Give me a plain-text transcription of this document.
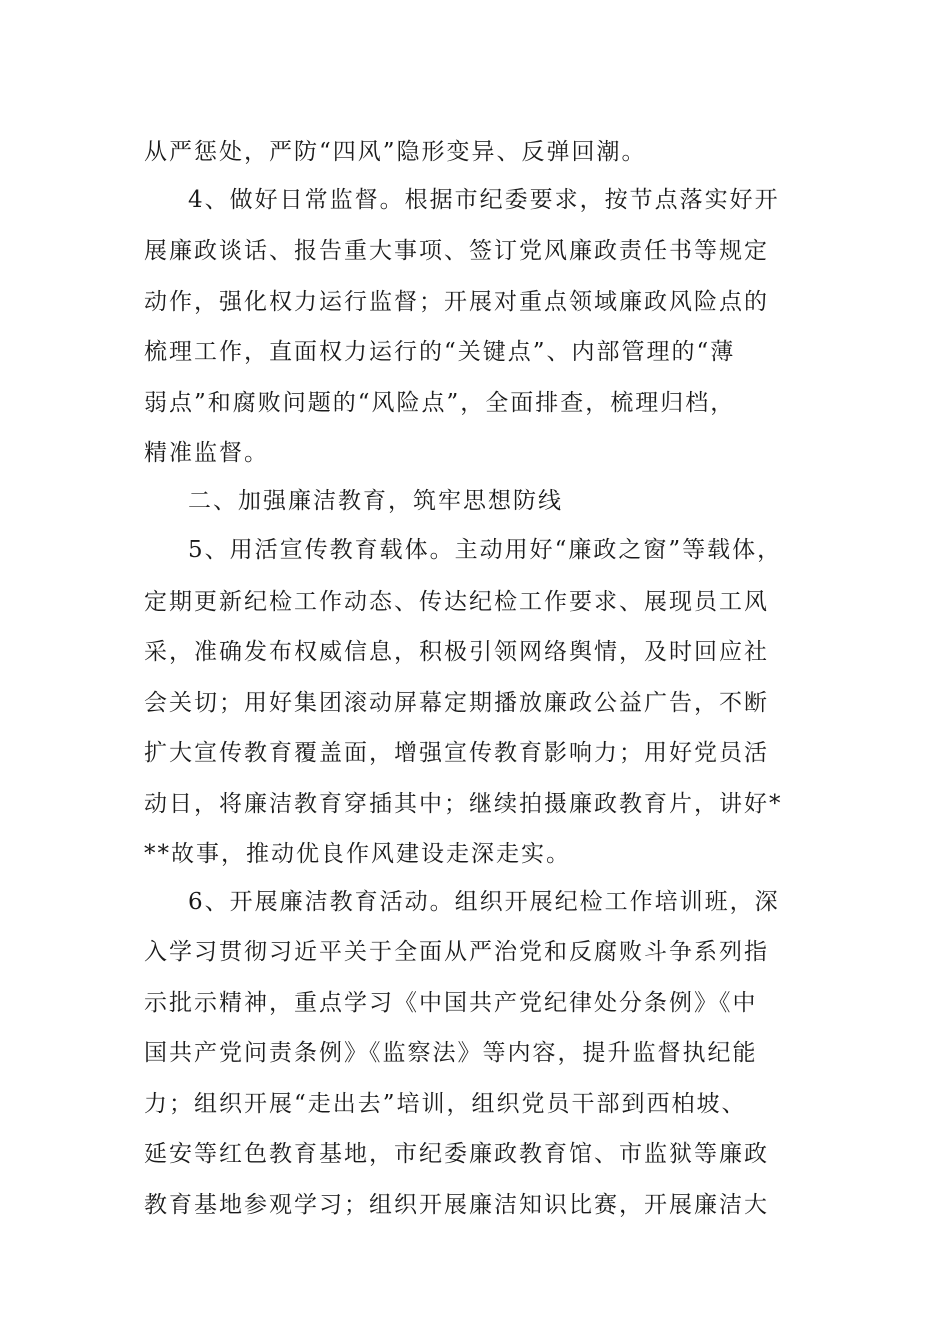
从严惩处，严防“四风”隐形变异、反弹回潮。
4、做好日常监督。根据市纪委要求，按节点落实好开
展廉政谈话、报告重大事项、签订党风廉政责任书等规定
动作，强化权力运行监督；开展对重点领域廉政风险点的
梳理工作，直面权力运行的“关键点”、内部管理的“薄
弱点”和腐败问题的“风险点”，全面排查，梳理归档，
精准监督。
二、加强廉洁教育，筑牢思想防线
5、用活宣传教育载体。主动用好“廉政之窗”等载体，
定期更新纪检工作动态、传达纪检工作要求、展现员工风
采，准确发布权威信息，积极引领网络舆情，及时回应社
会关切；用好集团滚动屏幕定期播放廉政公益广告，不断
扩大宣传教育覆盖面，增强宣传教育影响力；用好党员活
动日，将廉洁教育穿插其中；继续拍摄廉政教育片，讲好*
**故事，推动优良作风建设走深走实。
6、开展廉洁教育活动。组织开展纪检工作培训班，深
入学习贯彻习近平关于全面从严治党和反腐败斗争系列指
示批示精神，重点学习《中国共产党纪律处分条例》《中
国共产党问责条例》《监察法》等内容，提升监督执纪能
力；组织开展“走出去”培训，组织党员干部到西柏坡、
延安等红色教育基地，市纪委廉政教育馆、市监狱等廉政
教育基地参观学习；组织开展廉洁知识比赛，开展廉洁大
